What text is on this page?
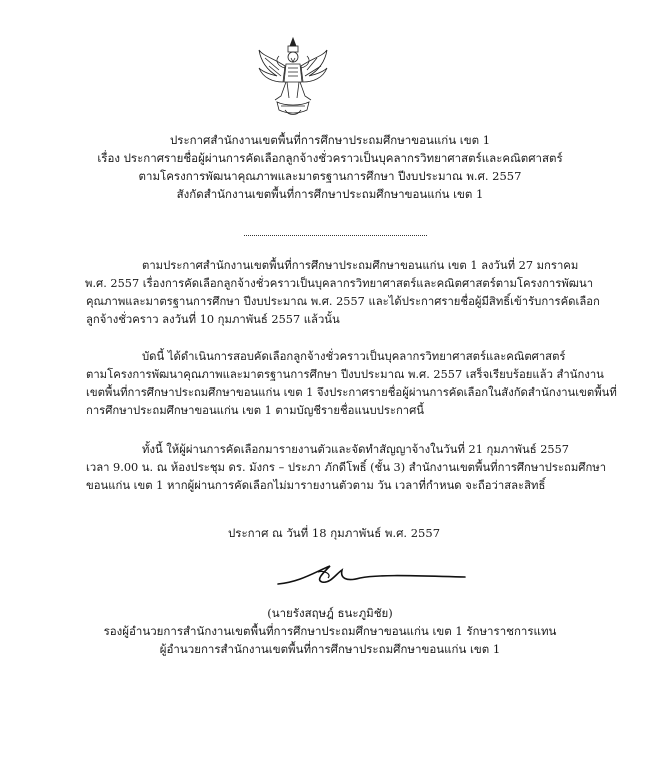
ประกาศสำนักงานเขตพื้นที่การศึกษาประถมศึกษาขอนแก่น เขต 1
เรื่อง ประกาศรายชื่อผู้ผ่านการคัดเลือกลูกจ้างชั่วคราวเป็นบุคลากรวิทยาศาสตร์และคณิตศาสตร์
ตามโครงการพัฒนาคุณภาพและมาตรฐานการศึกษา ปีงบประมาณ พ.ศ. 2557
สังกัดสำนักงานเขตพื้นที่การศึกษาประถมศึกษาขอนแก่น เขต 1
ตามประกาศสำนักงานเขตพื้นที่การศึกษาประถมศึกษาขอนแก่น เขต 1 ลงวันที่ 27 มกราคม
พ.ศ. 2557 เรื่องการคัดเลือกลูกจ้างชั่วคราวเป็นบุคลากรวิทยาศาสตร์และคณิตศาสตร์ตามโครงการพัฒนา
คุณภาพและมาตรฐานการศึกษา ปีงบประมาณ พ.ศ. 2557 และได้ประกาศรายชื่อผู้มีสิทธิ์เข้ารับการคัดเลือก
ลูกจ้างชั่วคราว ลงวันที่ 10 กุมภาพันธ์ 2557 แล้วนั้น
บัดนี้ ได้ดำเนินการสอบคัดเลือกลูกจ้างชั่วคราวเป็นบุคลากรวิทยาศาสตร์และคณิตศาสตร์
ตามโครงการพัฒนาคุณภาพและมาตรฐานการศึกษา ปีงบประมาณ พ.ศ. 2557 เสร็จเรียบร้อยแล้ว สำนักงาน
เขตพื้นที่การศึกษาประถมศึกษาขอนแก่น เขต 1 จึงประกาศรายชื่อผู้ผ่านการคัดเลือกในสังกัดสำนักงานเขตพื้นที่
การศึกษาประถมศึกษาขอนแก่น เขต 1 ตามบัญชีรายชื่อแนบประกาศนี้
ทั้งนี้ ให้ผู้ผ่านการคัดเลือกมารายงานตัวและจัดทำสัญญาจ้างในวันที่ 21 กุมภาพันธ์ 2557
เวลา 9.00 น. ณ ห้องประชุม ดร. มังกร – ประภา ภักดีโพธิ์ (ชั้น 3) สำนักงานเขตพื้นที่การศึกษาประถมศึกษา
ขอนแก่น เขต 1 หากผู้ผ่านการคัดเลือกไม่มารายงานตัวตาม วัน เวลาที่กำหนด จะถือว่าสละสิทธิ์
ประกาศ ณ วันที่ 18 กุมภาพันธ์ พ.ศ. 2557
(นายรังสฤษฎ์ ธนะภูมิชัย)
รองผู้อำนวยการสำนักงานเขตพื้นที่การศึกษาประถมศึกษาขอนแก่น เขต 1 รักษาราชการแทน
ผู้อำนวยการสำนักงานเขตพื้นที่การศึกษาประถมศึกษาขอนแก่น เขต 1
